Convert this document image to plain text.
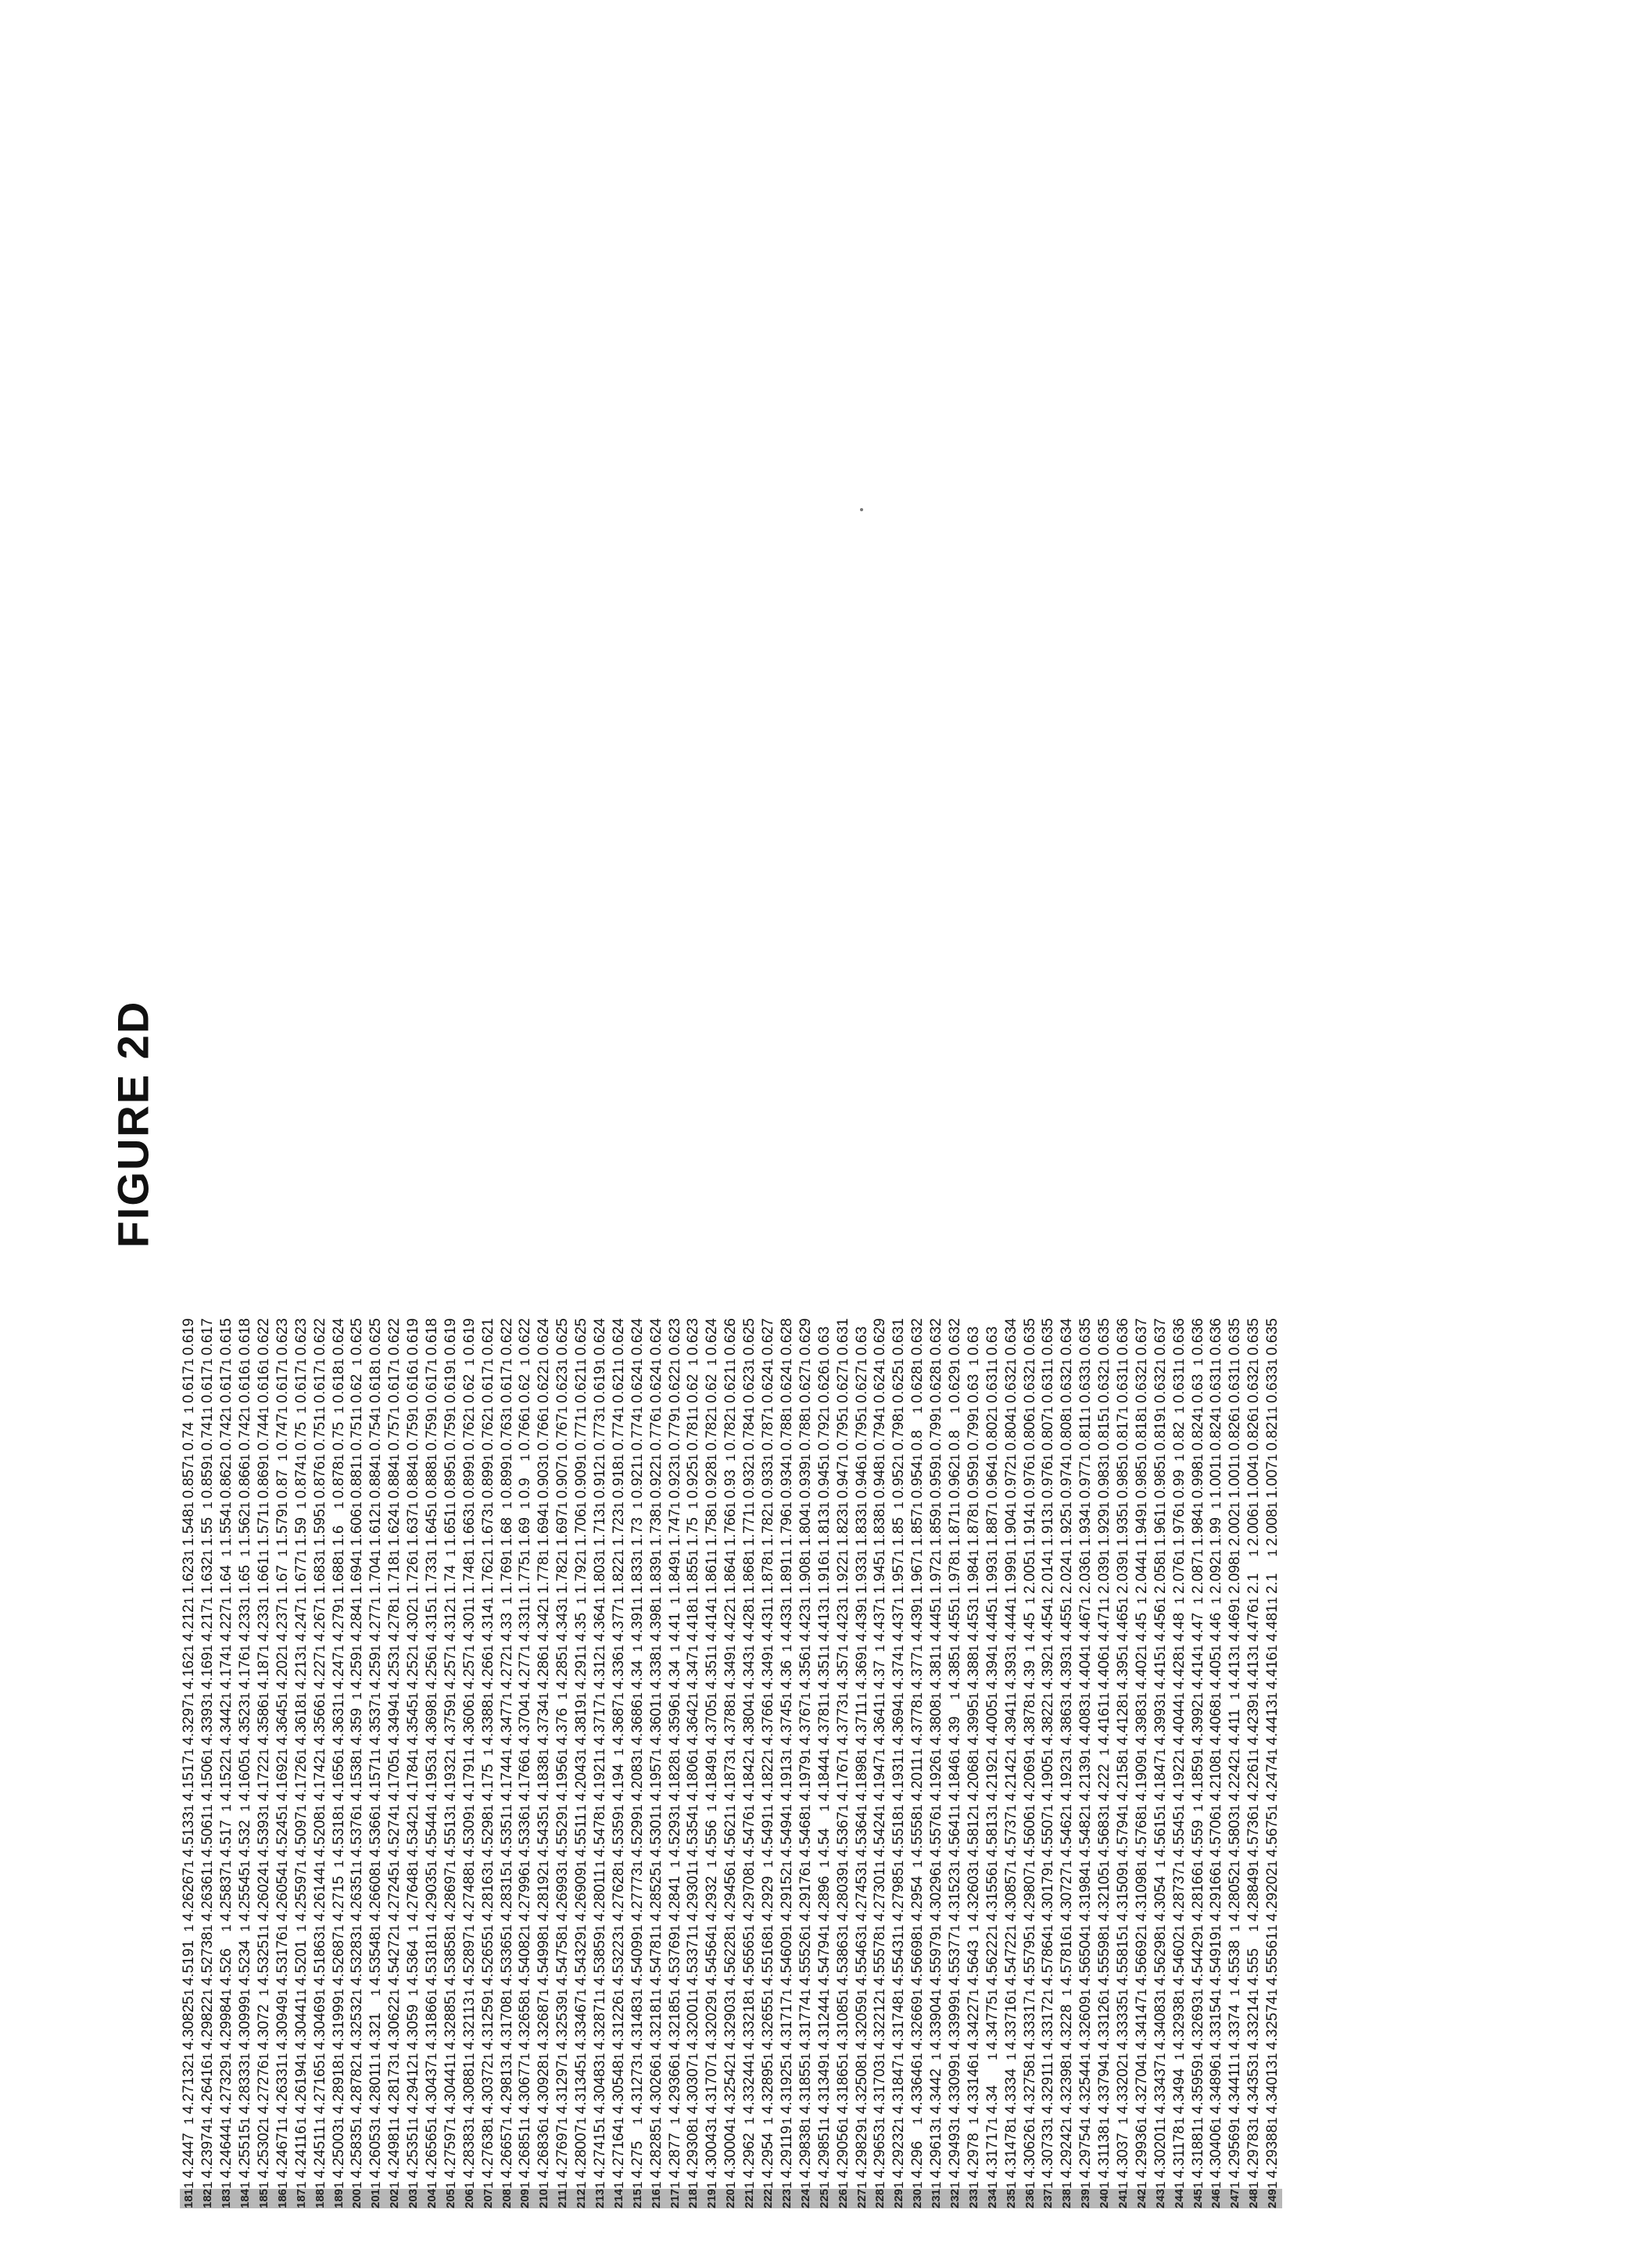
FIGURE 2D
181	1	4.2447	1	4.27132	1	4.30825	1	4.5191	1	4.26267	1	4.5133	1	4.1517	1	4.3297	1	4.162	1	4.212	1	1.623	1	1.548	1	0.857	1	0.74	1	0.617	1	0.619
182	1	4.23974	1	4.26416	1	4.29822	1	4.52738	1	4.26361	1	4.5061	1	4.1506	1	4.3393	1	4.169	1	4.217	1	1.632	1	1.55	1	0.859	1	0.741	1	0.617	1	0.617
183	1	4.24644	1	4.27329	1	4.29984	1	4.526	1	4.25837	1	4.517	1	4.1522	1	4.3442	1	4.174	1	4.227	1	1.64	1	1.554	1	0.862	1	0.742	1	0.617	1	0.615
184	1	4.25515	1	4.28333	1	4.30999	1	4.5234	1	4.25545	1	4.532	1	4.1605	1	4.3523	1	4.176	1	4.233	1	1.65	1	1.562	1	0.866	1	0.742	1	0.616	1	0.618
185	1	4.25302	1	4.27276	1	4.3072	1	4.53251	1	4.26024	1	4.5393	1	4.1722	1	4.3586	1	4.187	1	4.233	1	1.661	1	1.571	1	0.869	1	0.744	1	0.616	1	0.622
186	1	4.24671	1	4.26331	1	4.30949	1	4.53176	1	4.26054	1	4.5245	1	4.1692	1	4.3645	1	4.202	1	4.237	1	1.67	1	1.579	1	0.87	1	0.747	1	0.617	1	0.623
187	1	4.24116	1	4.26194	1	4.30441	1	4.5201	1	4.25597	1	4.5097	1	4.1726	1	4.3618	1	4.213	1	4.247	1	1.677	1	1.59	1	0.874	1	0.75	1	0.617	1	0.623
188	1	4.24511	1	4.27165	1	4.30469	1	4.51863	1	4.26144	1	4.5208	1	4.1742	1	4.3566	1	4.227	1	4.267	1	1.683	1	1.595	1	0.876	1	0.751	1	0.617	1	0.622
189	1	4.25003	1	4.28918	1	4.31999	1	4.52687	1	4.2715	1	4.5318	1	4.1656	1	4.3631	1	4.247	1	4.279	1	1.688	1	1.6	1	0.878	1	0.75	1	0.618	1	0.624
200	1	4.25835	1	4.28782	1	4.32532	1	4.53283	1	4.26351	1	4.5376	1	4.1538	1	4.359	1	4.259	1	4.284	1	1.694	1	1.606	1	0.881	1	0.751	1	0.62	1	0.625
201	1	4.26053	1	4.28011	1	4.321	1	4.53548	1	4.26608	1	4.5366	1	4.1571	1	4.3537	1	4.259	1	4.277	1	1.704	1	1.612	1	0.884	1	0.754	1	0.618	1	0.625
202	1	4.24981	1	4.28173	1	4.30622	1	4.54272	1	4.27245	1	4.5274	1	4.1705	1	4.3494	1	4.253	1	4.278	1	1.718	1	1.624	1	0.884	1	0.757	1	0.617	1	0.622
203	1	4.25351	1	4.29412	1	4.3059	1	4.5364	1	4.27648	1	4.5342	1	4.1784	1	4.3545	1	4.252	1	4.302	1	1.726	1	1.637	1	0.884	1	0.759	1	0.616	1	0.619
204	1	4.26565	1	4.30437	1	4.31866	1	4.53181	1	4.29035	1	4.5544	1	4.1953	1	4.3698	1	4.256	1	4.315	1	1.733	1	1.645	1	0.888	1	0.759	1	0.617	1	0.618
205	1	4.27597	1	4.30441	1	4.32885	1	4.53858	1	4.28697	1	4.5513	1	4.1932	1	4.3759	1	4.257	1	4.312	1	1.74	1	1.651	1	0.895	1	0.759	1	0.619	1	0.619
206	1	4.28383	1	4.30881	1	4.32113	1	4.52897	1	4.27488	1	4.5309	1	4.1791	1	4.3606	1	4.257	1	4.301	1	1.748	1	1.663	1	0.899	1	0.762	1	0.62	1	0.619
207	1	4.27638	1	4.30372	1	4.31259	1	4.52655	1	4.28163	1	4.5298	1	4.175	1	4.3388	1	4.266	1	4.314	1	1.762	1	1.673	1	0.899	1	0.762	1	0.617	1	0.621
208	1	4.26657	1	4.29813	1	4.31708	1	4.53365	1	4.28315	1	4.5351	1	4.1744	1	4.3477	1	4.272	1	4.33	1	1.769	1	1.68	1	0.899	1	0.763	1	0.617	1	0.622
209	1	4.26851	1	4.30677	1	4.32658	1	4.54082	1	4.27996	1	4.5336	1	4.1766	1	4.3704	1	4.277	1	4.331	1	1.775	1	1.69	1	0.9	1	0.766	1	0.62	1	0.622
210	1	4.26836	1	4.30928	1	4.32687	1	4.54998	1	4.28192	1	4.5435	1	4.1838	1	4.3734	1	4.286	1	4.342	1	1.778	1	1.694	1	0.903	1	0.766	1	0.622	1	0.624
211	1	4.27697	1	4.31297	1	4.32539	1	4.54758	1	4.26993	1	4.5529	1	4.1956	1	4.376	1	4.285	1	4.343	1	1.782	1	1.697	1	0.907	1	0.767	1	0.623	1	0.625
212	1	4.28007	1	4.31345	1	4.33467	1	4.54329	1	4.26909	1	4.5511	1	4.2043	1	4.3819	1	4.291	1	4.35	1	1.792	1	1.706	1	0.909	1	0.771	1	0.621	1	0.625
213	1	4.27415	1	4.30483	1	4.32871	1	4.53859	1	4.28011	1	4.5478	1	4.1921	1	4.3717	1	4.312	1	4.364	1	1.803	1	1.713	1	0.912	1	0.773	1	0.619	1	0.624
214	1	4.27164	1	4.30548	1	4.31226	1	4.53223	1	4.27628	1	4.5359	1	4.194	1	4.3687	1	4.336	1	4.377	1	1.822	1	1.723	1	0.918	1	0.774	1	0.621	1	0.624
215	1	4.275	1	4.31273	1	4.31483	1	4.54099	1	4.27773	1	4.5299	1	4.2083	1	4.3686	1	4.34	1	4.391	1	1.833	1	1.73	1	0.921	1	0.774	1	0.624	1	0.624
216	1	4.28285	1	4.30266	1	4.32181	1	4.54781	1	4.28525	1	4.5301	1	4.1957	1	4.3601	1	4.338	1	4.398	1	1.839	1	1.738	1	0.922	1	0.776	1	0.624	1	0.624
217	1	4.2877	1	4.29366	1	4.32185	1	4.53769	1	4.2841	1	4.5293	1	4.1828	1	4.3596	1	4.34	1	4.41	1	1.849	1	1.747	1	0.923	1	0.779	1	0.622	1	0.623
218	1	4.29308	1	4.30307	1	4.32001	1	4.53371	1	4.29301	1	4.5354	1	4.1806	1	4.3642	1	4.347	1	4.418	1	1.855	1	1.75	1	0.925	1	0.781	1	0.62	1	0.623
219	1	4.30043	1	4.31707	1	4.32029	1	4.54564	1	4.2932	1	4.556	1	4.1849	1	4.3705	1	4.351	1	4.414	1	1.861	1	1.758	1	0.928	1	0.782	1	0.62	1	0.624
220	1	4.30004	1	4.32542	1	4.32903	1	4.56228	1	4.29456	1	4.5621	1	4.1873	1	4.3788	1	4.349	1	4.422	1	1.864	1	1.766	1	0.93	1	0.782	1	0.621	1	0.626
221	1	4.2962	1	4.33244	1	4.33218	1	4.56565	1	4.29708	1	4.5476	1	4.1842	1	4.3804	1	4.343	1	4.428	1	1.868	1	1.771	1	0.932	1	0.784	1	0.623	1	0.625
222	1	4.2954	1	4.32895	1	4.32655	1	4.55168	1	4.2929	1	4.5491	1	4.1822	1	4.3766	1	4.349	1	4.431	1	1.878	1	1.782	1	0.933	1	0.787	1	0.624	1	0.627
223	1	4.29119	1	4.31925	1	4.31717	1	4.54609	1	4.29152	1	4.5494	1	4.1913	1	4.3745	1	4.36	1	4.433	1	1.891	1	1.796	1	0.934	1	0.788	1	0.624	1	0.628
224	1	4.29838	1	4.31855	1	4.31774	1	4.55526	1	4.29176	1	4.5468	1	4.1979	1	4.3767	1	4.356	1	4.423	1	1.908	1	1.804	1	0.939	1	0.788	1	0.627	1	0.629
225	1	4.29851	1	4.31349	1	4.31244	1	4.54794	1	4.2896	1	4.54	1	4.1844	1	4.3781	1	4.351	1	4.413	1	1.916	1	1.813	1	0.945	1	0.792	1	0.626	1	0.63
226	1	4.29056	1	4.31865	1	4.31085	1	4.53863	1	4.28039	1	4.5367	1	4.1767	1	4.3773	1	4.357	1	4.423	1	1.922	1	1.823	1	0.947	1	0.795	1	0.627	1	0.631
227	1	4.29829	1	4.32508	1	4.32059	1	4.55463	1	4.27453	1	4.5364	1	4.1898	1	4.3711	1	4.369	1	4.439	1	1.933	1	1.833	1	0.946	1	0.795	1	0.627	1	0.63
228	1	4.29653	1	4.31703	1	4.32212	1	4.55578	1	4.27301	1	4.5424	1	4.1947	1	4.3641	1	4.37	1	4.437	1	1.945	1	1.838	1	0.948	1	0.794	1	0.624	1	0.629
229	1	4.29232	1	4.31847	1	4.31748	1	4.55431	1	4.27985	1	4.5518	1	4.1931	1	4.3694	1	4.374	1	4.437	1	1.957	1	1.85	1	0.952	1	0.798	1	0.625	1	0.631
230	1	4.296	1	4.33646	1	4.32669	1	4.56698	1	4.2954	1	4.5558	1	4.2011	1	4.3778	1	4.377	1	4.439	1	1.967	1	1.857	1	0.954	1	0.8	1	0.628	1	0.632
231	1	4.29613	1	4.3442	1	4.33904	1	4.55979	1	4.30296	1	4.5576	1	4.1926	1	4.3808	1	4.381	1	4.445	1	1.972	1	1.859	1	0.959	1	0.799	1	0.628	1	0.632
232	1	4.29493	1	4.33099	1	4.33999	1	4.55377	1	4.31523	1	4.5641	1	4.1846	1	4.39	1	4.385	1	4.455	1	1.978	1	1.871	1	0.962	1	0.8	1	0.629	1	0.632
233	1	4.2978	1	4.33146	1	4.34227	1	4.5643	1	4.32603	1	4.5812	1	4.2068	1	4.3995	1	4.388	1	4.453	1	1.984	1	1.878	1	0.959	1	0.799	1	0.63	1	0.63
234	1	4.31717	1	4.34	1	4.34775	1	4.56222	1	4.31556	1	4.5813	1	4.2192	1	4.4005	1	4.394	1	4.445	1	1.993	1	1.887	1	0.964	1	0.802	1	0.631	1	0.63
235	1	4.31478	1	4.3334	1	4.33716	1	4.54722	1	4.30857	1	4.5737	1	4.2142	1	4.3941	1	4.393	1	4.444	1	1.999	1	1.904	1	0.972	1	0.804	1	0.632	1	0.634
236	1	4.30626	1	4.32758	1	4.33317	1	4.55795	1	4.29807	1	4.5606	1	4.2069	1	4.3878	1	4.39	1	4.45	1	2.005	1	1.914	1	0.976	1	0.806	1	0.632	1	0.635
237	1	4.30733	1	4.32911	1	4.33172	1	4.57864	1	4.30179	1	4.5507	1	4.1905	1	4.3822	1	4.392	1	4.454	1	2.014	1	1.913	1	0.976	1	0.807	1	0.631	1	0.635
238	1	4.29242	1	4.32398	1	4.3228	1	4.57816	1	4.30727	1	4.5462	1	4.1923	1	4.3863	1	4.393	1	4.455	1	2.024	1	1.925	1	0.974	1	0.808	1	0.632	1	0.634
239	1	4.29754	1	4.32544	1	4.32609	1	4.56504	1	4.31984	1	4.5482	1	4.2139	1	4.4083	1	4.404	1	4.467	1	2.036	1	1.934	1	0.977	1	0.811	1	0.633	1	0.635
240	1	4.31138	1	4.33794	1	4.33126	1	4.55598	1	4.32105	1	4.5683	1	4.222	1	4.4161	1	4.406	1	4.471	1	2.039	1	1.929	1	0.983	1	0.815	1	0.632	1	0.635
241	1	4.3037	1	4.33202	1	4.33335	1	4.55815	1	4.31509	1	4.5794	1	4.2158	1	4.4128	1	4.395	1	4.465	1	2.039	1	1.935	1	0.985	1	0.817	1	0.631	1	0.636
242	1	4.29936	1	4.32704	1	4.34147	1	4.56692	1	4.31098	1	4.5768	1	4.1909	1	4.3983	1	4.402	1	4.45	1	2.044	1	1.949	1	0.985	1	0.818	1	0.632	1	0.637
243	1	4.30201	1	4.33437	1	4.34083	1	4.56298	1	4.3054	1	4.5615	1	4.1847	1	4.3993	1	4.415	1	4.456	1	2.058	1	1.961	1	0.985	1	0.819	1	0.632	1	0.637
244	1	4.31178	1	4.3494	1	4.32938	1	4.54602	1	4.28737	1	4.5545	1	4.1922	1	4.4044	1	4.428	1	4.48	1	2.076	1	1.976	1	0.99	1	0.82	1	0.631	1	0.636
245	1	4.31881	1	4.35959	1	4.32693	1	4.54429	1	4.28166	1	4.559	1	4.1859	1	4.3992	1	4.414	1	4.47	1	2.087	1	1.984	1	0.998	1	0.824	1	0.63	1	0.636
246	1	4.30406	1	4.34896	1	4.33154	1	4.54919	1	4.29166	1	4.5706	1	4.2108	1	4.4068	1	4.405	1	4.46	1	2.092	1	1.99	1	1.001	1	0.824	1	0.631	1	0.636
247	1	4.29569	1	4.34411	1	4.3374	1	4.5538	1	4.28052	1	4.5803	1	4.2242	1	4.411	1	4.413	1	4.469	1	2.098	1	2.002	1	1.001	1	0.826	1	0.631	1	0.635
248	1	4.29783	1	4.34353	1	4.33214	1	4.555	1	4.28849	1	4.5736	1	4.2261	1	4.4239	1	4.413	1	4.476	1	2.1	1	2.006	1	1.004	1	0.826	1	0.632	1	0.635
249	1	4.29388	1	4.34013	1	4.32574	1	4.55561	1	4.29202	1	4.5675	1	4.2474	1	4.4413	1	4.416	1	4.481	1	2.1	1	2.008	1	1.007	1	0.821	1	0.633	1	0.635
